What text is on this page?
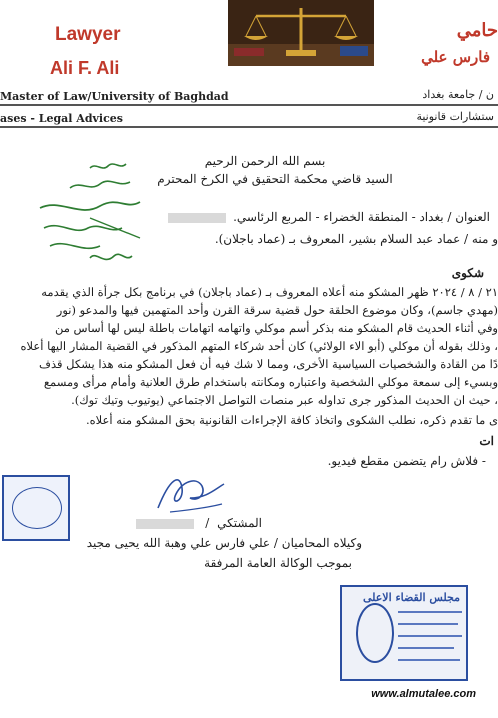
Lawyer
Ali F. Ali
Master of Law/University of Baghdad
ases - Legal Advices
حامي
فارس علي
ن / جامعة بغداد
ستشارات قانونية
بسم الله الرحمن الرحيم
السيد قاضي محكمة التحقيق في الكرخ المحترم
العنوان / بغداد - المنطقة الخضراء - المربع الرئاسي.
و منه / عماد عبد السلام بشير، المعروف بـ (عماد باجلان).
شكوى
٢١ / ٨ / ٢٠٢٤ ظهر المشكو منه أعلاه المعروف بـ (عماد باجلان) في برنامج بكل جرأة الذي يقدمه
(مهدي جاسم)، وكان موضوع الحلقة حول قضية سرقة القرن وأحد المتهمين فيها والمدعو (نور
وفي أثناء الحديث قام المشكو منه بذكر أسم موكلي واتهامه اتهامات باطلة ليس لها أساس من
، وذلك بقوله أن موكلي (أبو الاء الولائي) كان أحد شركاء المتهم المذكور في القضية المشار اليها أعلاه
دًا من القادة والشخصيات السياسية الأخرى، ومما لا شك فيه أن فعل المشكو منه هذا يشكل قذف
وبسيء إلى سمعة موكلي الشخصية واعتباره ومكانته باستخدام طرق العلانية وأمام مرأى ومسمع
، حيث ان الحديث المذكور جرى تداوله عبر منصات التواصل الاجتماعي (يوتيوب وتيك توك).
ى ما تقدم ذكره، نطلب الشكوى واتخاذ كافة الإجراءات القانونية بحق المشكو منه أعلاه.
ات
- فلاش رام يتضمن مقطع فيديو.
المشتكي /
وكيلاه المحاميان / علي فارس علي وهبة الله يحيى مجيد
بموجب الوكالة العامة المرفقة
مجلس القضاء الاعلى
www.almutalee.com
